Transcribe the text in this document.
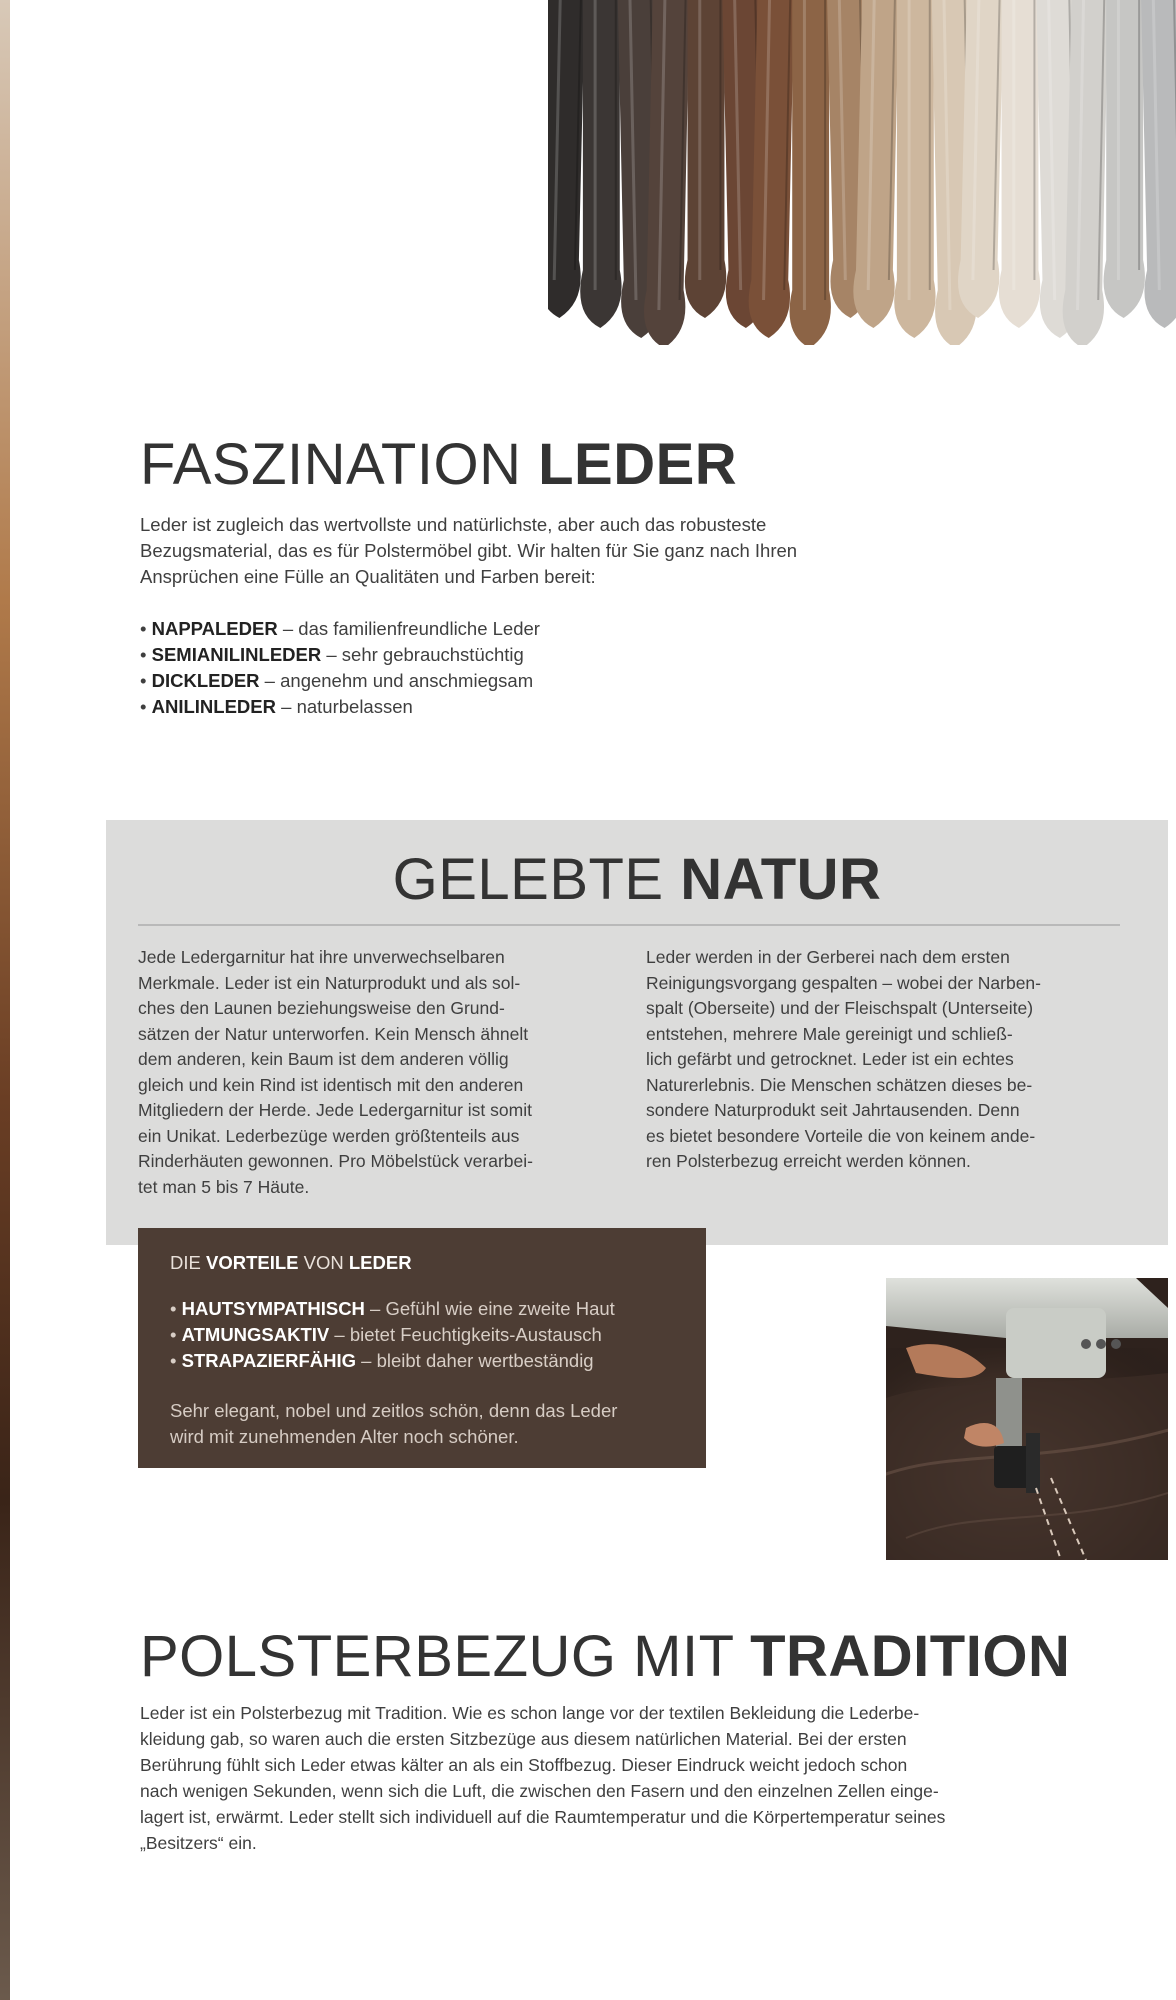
FASZINATION LEDER
Leder ist zugleich das wertvollste und natürlichste, aber auch das robusteste
Bezugsmaterial, das es für Polstermöbel gibt. Wir halten für Sie ganz nach Ihren
Ansprüchen eine Fülle an Qualitäten und Farben bereit:
• NAPPALEDER – das familienfreundliche Leder
• SEMIANILINLEDER – sehr gebrauchstüchtig
• DICKLEDER – angenehm und anschmiegsam
• ANILINLEDER – naturbelassen
GELEBTE NATUR
Jede Ledergarnitur hat ihre unverwechselbaren
Merkmale. Leder ist ein Naturprodukt und als sol-
ches den Launen beziehungsweise den Grund-
sätzen der Natur unterworfen. Kein Mensch ähnelt
dem anderen, kein Baum ist dem anderen völlig
gleich und kein Rind ist identisch mit den anderen
Mitgliedern der Herde. Jede Ledergarnitur ist somit
ein Unikat. Lederbezüge werden größtenteils aus
Rinderhäuten gewonnen. Pro Möbelstück verarbei-
tet man 5 bis 7 Häute.
Leder werden in der Gerberei nach dem ersten
Reinigungsvorgang gespalten – wobei der Narben-
spalt (Oberseite) und der Fleischspalt (Unterseite)
entstehen, mehrere Male gereinigt und schließ-
lich gefärbt und getrocknet. Leder ist ein echtes
Naturerlebnis. Die Menschen schätzen dieses be-
sondere Naturprodukt seit Jahrtausenden. Denn
es bietet besondere Vorteile die von keinem ande-
ren Polsterbezug erreicht werden können.

DIE VORTEILE VON LEDER

• HAUTSYMPATHISCH – Gefühl wie eine zweite Haut
• ATMUNGSAKTIV – bietet Feuchtigkeits-Austausch
• STRAPAZIERFÄHIG – bleibt daher wertbeständig
Sehr elegant, nobel und zeitlos schön, denn das Leder
wird mit zunehmenden Alter noch schöner.
POLSTERBEZUG MIT TRADITION
Leder ist ein Polsterbezug mit Tradition. Wie es schon lange vor der textilen Bekleidung die Lederbe-
kleidung gab, so waren auch die ersten Sitzbezüge aus diesem natürlichen Material. Bei der ersten
Berührung fühlt sich Leder etwas kälter an als ein Stoffbezug. Dieser Eindruck weicht jedoch schon
nach wenigen Sekunden, wenn sich die Luft, die zwischen den Fasern und den einzelnen Zellen einge-
lagert ist, erwärmt. Leder stellt sich individuell auf die Raumtemperatur und die Körpertemperatur seines
„Besitzers“ ein.
